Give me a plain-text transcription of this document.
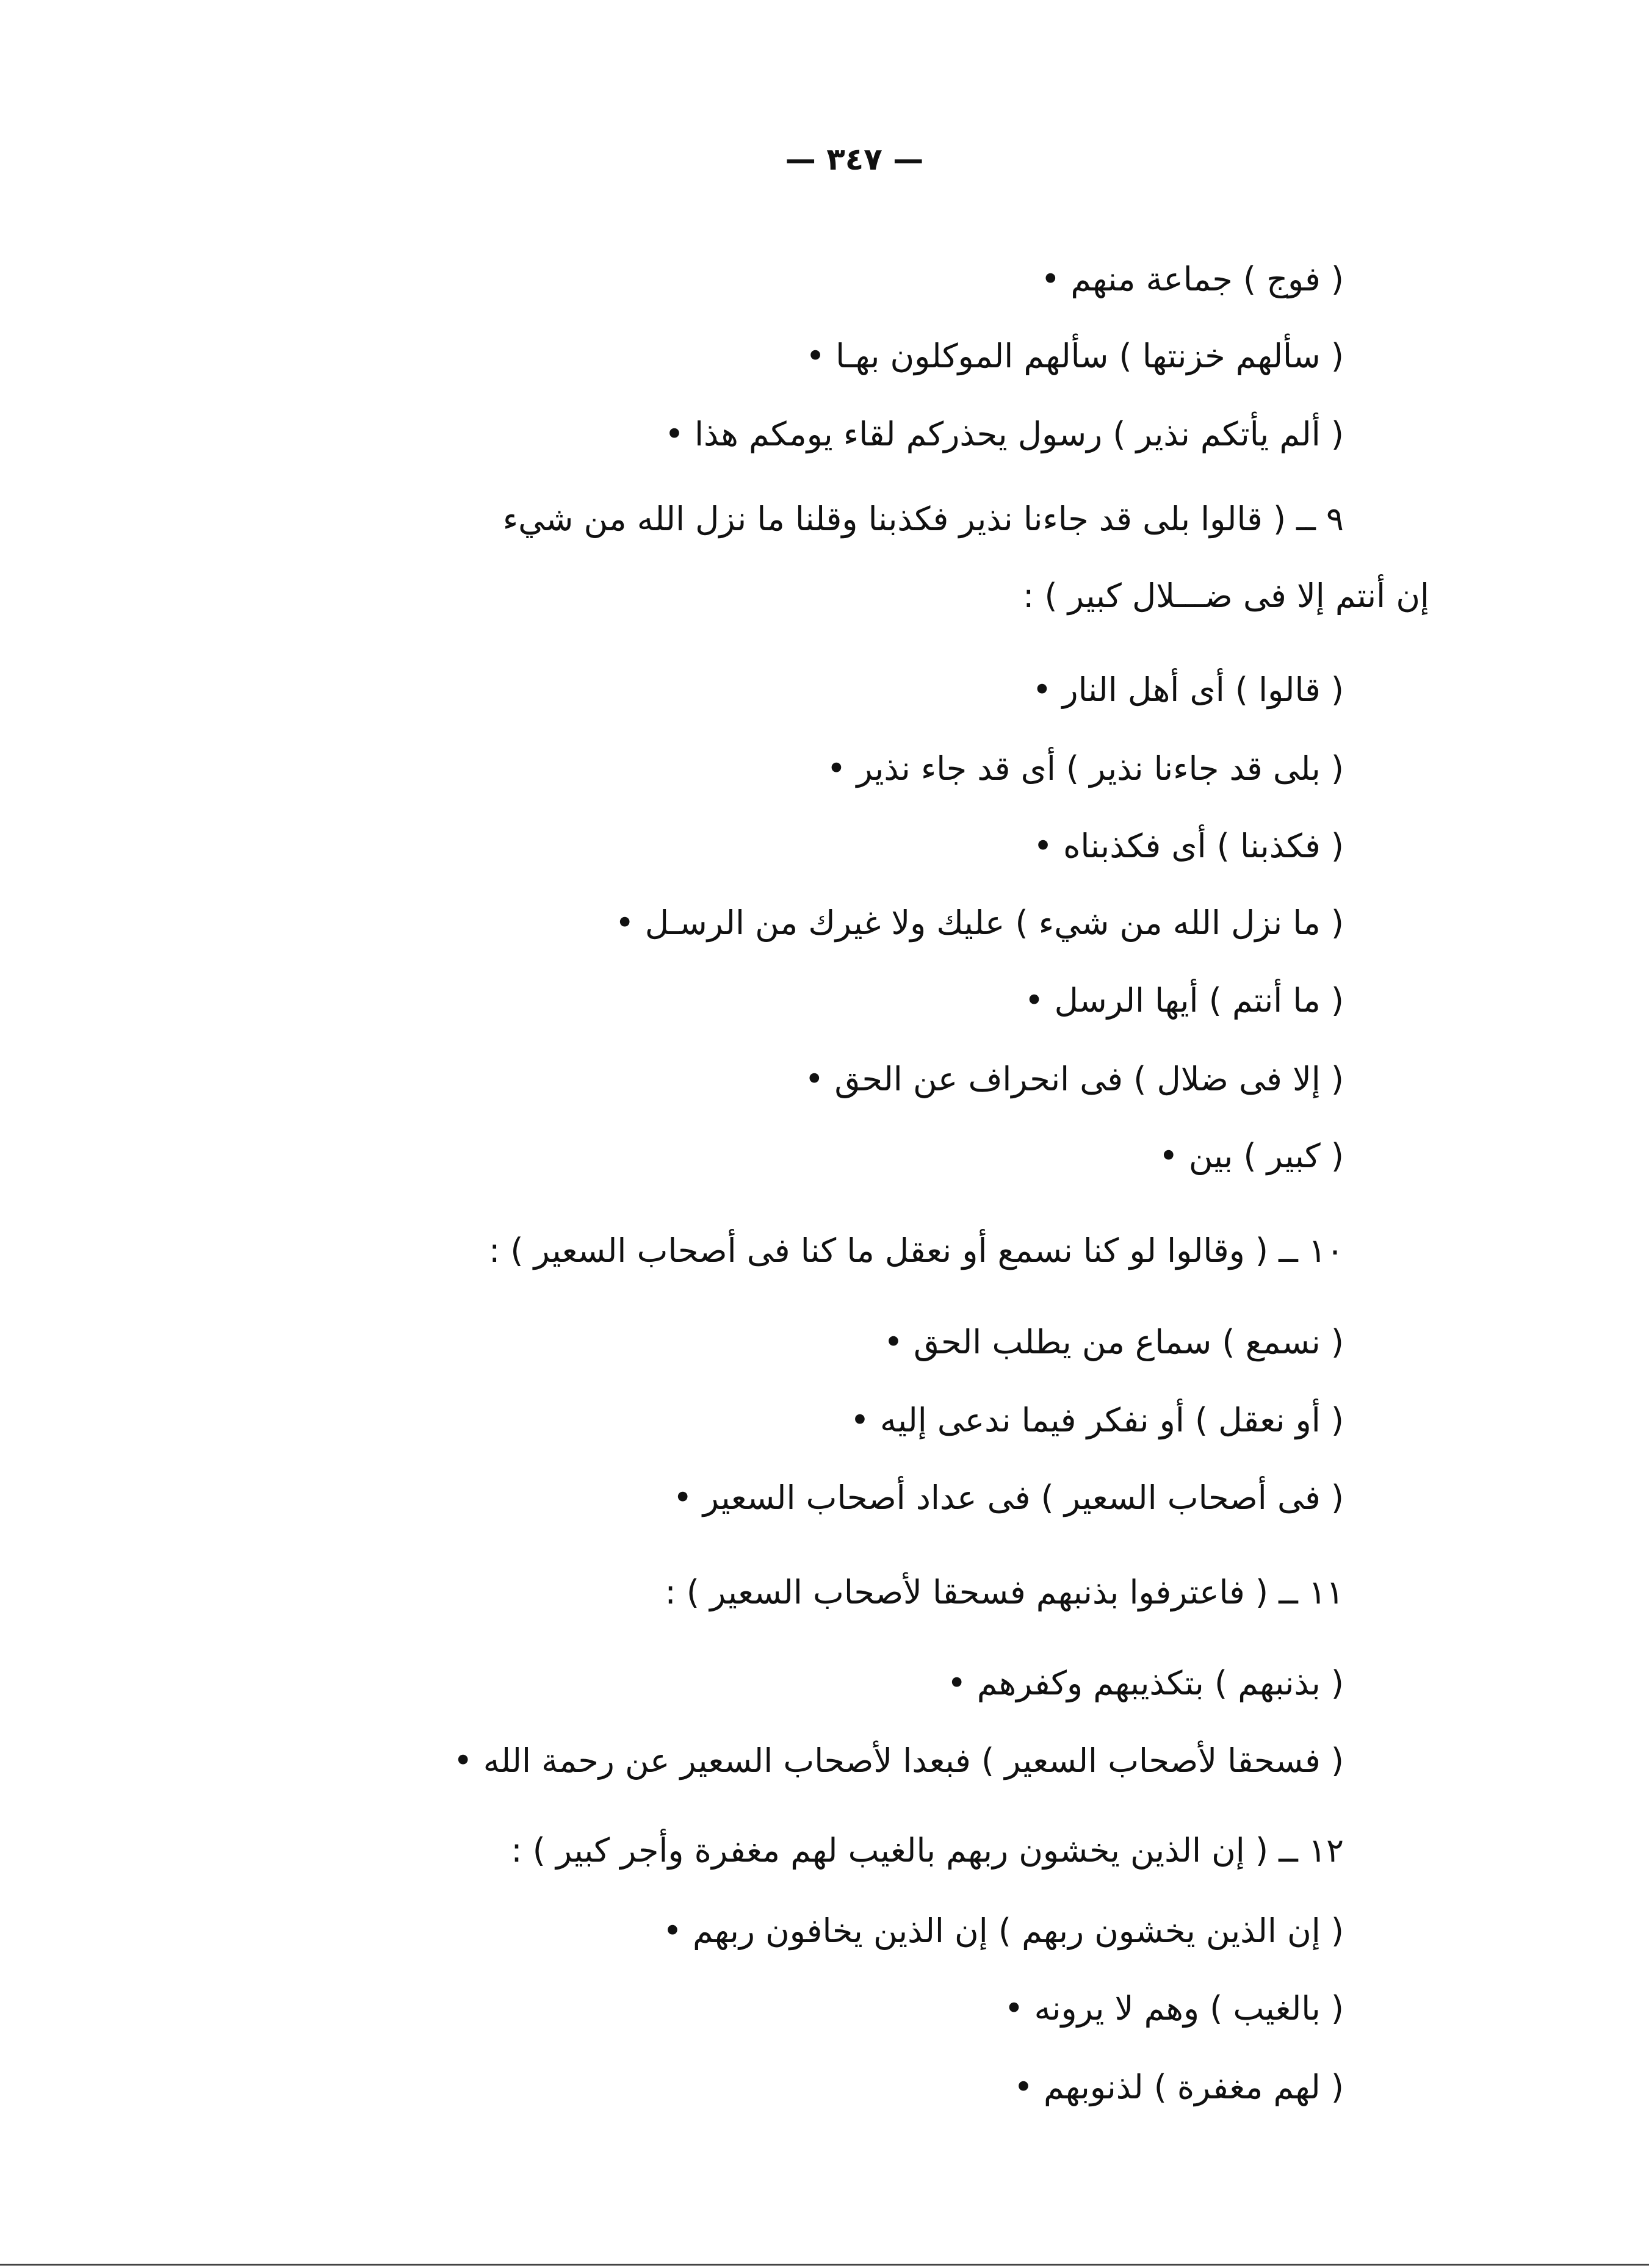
— ٣٤٧ —
( فوج ) جماعة منهم •
( سألهم خزنتها ) سألهم الموكلون بهـا •
( ألم يأتكم نذير ) رسول يحذركم لقاء يومكم هذا •
٩ ــ ( قالوا بلى قد جاءنا نذير فكذبنا وقلنا ما نزل الله من شيء
إن أنتم إلا فى ضـــلال كبير ) :
( قالوا ) أى أهل النار •
( بلى قد جاءنا نذير ) أى قد جاء نذير •
( فكذبنا ) أى فكذبناه •
( ما نزل الله من شيء ) عليك ولا غيرك من الرسـل •
( ما أنتم ) أيها الرسل •
( إلا فى ضلال ) فى انحراف عن الحق •
( كبير ) بين •
١٠ ــ ( وقالوا لو كنا نسمع أو نعقل ما كنا فى أصحاب السعير ) :
( نسمع ) سماع من يطلب الحق •
( أو نعقل ) أو نفكر فيما ندعى إليه •
( فى أصحاب السعير ) فى عداد أصحاب السعير •
١١ ــ ( فاعترفوا بذنبهم فسحقا لأصحاب السعير ) :
( بذنبهم ) بتكذيبهم وكفرهم •
( فسحقا لأصحاب السعير ) فبعدا لأصحاب السعير عن رحمة الله •
١٢ ــ ( إن الذين يخشون ربهم بالغيب لهم مغفرة وأجر كبير ) :
( إن الذين يخشون ربهم ) إن الذين يخافون ربهم •
( بالغيب ) وهم لا يرونه •
( لهم مغفرة ) لذنوبهم •
